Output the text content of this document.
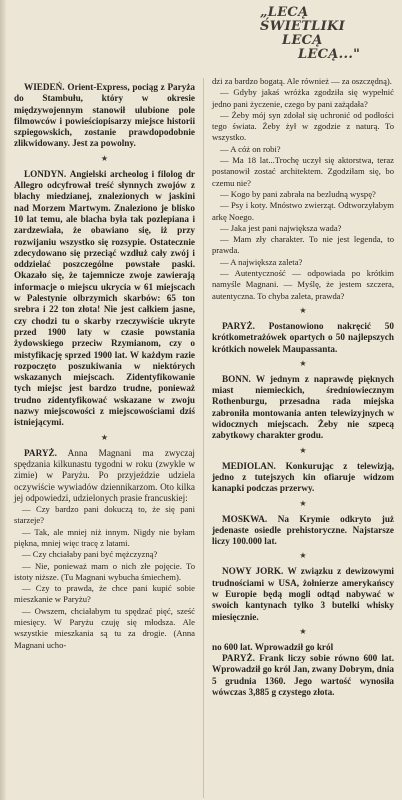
„LECĄ ŚWIETLIKI
LECĄ
LECĄ..."

WIEDEŃ. Orient-Express, pociąg z Paryża do Stambułu, który w okresie międzywojennym stanowił ulubione pole filmowców i powieściopisarzy miejsce historii szpiegowskich, zostanie prawdopodobnie zlikwidowany. Jest za powolny.

★

LONDYN. Angielski archeolog i filolog dr Allegro odcyfrował treść słynnych zwojów z blachy miedzianej, znalezionych w jaskini nad Morzem Martwym. Znaleziono je blisko 10 lat temu, ale blacha była tak pozlepiana i zardzewiała, że obawiano się, iż przy rozwijaniu wszystko się rozsypie. Ostatecznie zdecydowano się przeciąć wzdłuż cały zwój i oddzielać poszczególne powstałe paski. Okazało się, że tajemnicze zwoje zawierają informacje o miejscu ukrycia w 61 miejscach w Palestynie olbrzymich skarbów: 65 ton srebra i 22 ton złota! Nie jest całkiem jasne, czy chodzi tu o skarby rzeczywiście ukryte przed 1900 laty w czasie powstania żydowskiego przeciw Rzymianom, czy o mistyfikację sprzed 1900 lat. W każdym razie rozpoczęto poszukiwania w niektórych wskazanych miejscach. Zidentyfikowanie tych miejsc jest bardzo trudne, ponieważ trudno zidentyfikować wskazane w zwoju nazwy miejscowości z miejscowościami dziś istniejącymi.

★

PARYŻ. Anna Magnani ma zwyczaj spędzania kilkunastu tygodni w roku (zwykle w zimie) w Paryżu. Po przyjeździe udziela oczywiście wywiadów dziennikarzom. Oto kilka jej odpowiedzi, udzielonych prasie francuskiej:

— Czy bardzo pani dokuczą to, że się pani starzeje?

— Tak, ale mniej niż innym. Nigdy nie byłam piękna, mniej więc tracę z latami.

— Czy chciałaby pani być mężczyzną?

— Nie, ponieważ mam o nich złe pojęcie. To istoty niższe. (Tu Magnani wybucha śmiechem).

— Czy to prawda, że chce pani kupić sobie mieszkanie w Paryżu?

— Owszem, chciałabym tu spędzać pięć, sześć miesięcy. W Paryżu czuję się młodsza. Ale wszystkie mieszkania są tu za drogie. (Anna Magnani ucho-

dzi za bardzo bogatą. Ale również — za oszczędną).

— Gdyby jakaś wróżka zgodziła się wypełnić jedno pani życzenie, czego by pani zażądała?

— Żeby mój syn zdołał się uchronić od podłości tego świata. Żeby żył w zgodzie z naturą. To wszystko.

— A cóż on robi?

— Ma 18 lat...Trochę uczył się aktorstwa, teraz postanowił zostać architektem. Zgodziłam się, bo czemu nie?

— Kogo by pani zabrała na bezludną wyspę?

— Psy i koty. Mnóstwo zwierząt. Odtworzyłabym arkę Noego.

— Jaka jest pani największa wada?

— Mam zły charakter. To nie jest legenda, to prawda.

— A największa zaleta?

— Autentyczność — odpowiada po krótkim namyśle Magnani. — Myślę, że jestem szczera, autentyczna. To chyba zaleta, prawda?

★

PARYŻ. Postanowiono nakręcić 50 krótkometrażówek opartych o 50 najlepszych krótkich nowelek Maupassanta.

★

BONN. W jednym z naprawdę pięknych miast niemieckich, średniowiecznym Rothenburgu, przesadna rada miejska zabroniła montowania anten telewizyjnych w widocznych miejscach. Żeby nie szpecą zabytkowy charakter grodu.

★

MEDIOLAN. Konkurując z telewizją, jedno z tutejszych kin ofiaruje widzom kanapki podczas przerwy.

★

MOSKWA. Na Krymie odkryto już jedenaste osiedle prehistoryczne. Najstarsze liczy 100.000 lat.

★

NOWY JORK. W związku z dewizowymi trudnościami w USA, żołnierze amerykańscy w Europie będą mogli odtąd nabywać w swoich kantynach tylko 3 butelki whisky miesięcznie.

★

no 600 lat. Wprowadził go król

PARYŻ. Frank liczy sobie równo 600 lat. Wprowadził go król Jan, zwany Dobrym, dnia 5 grudnia 1360. Jego wartość wynosiła wówczas 3,885 g czystego złota.
